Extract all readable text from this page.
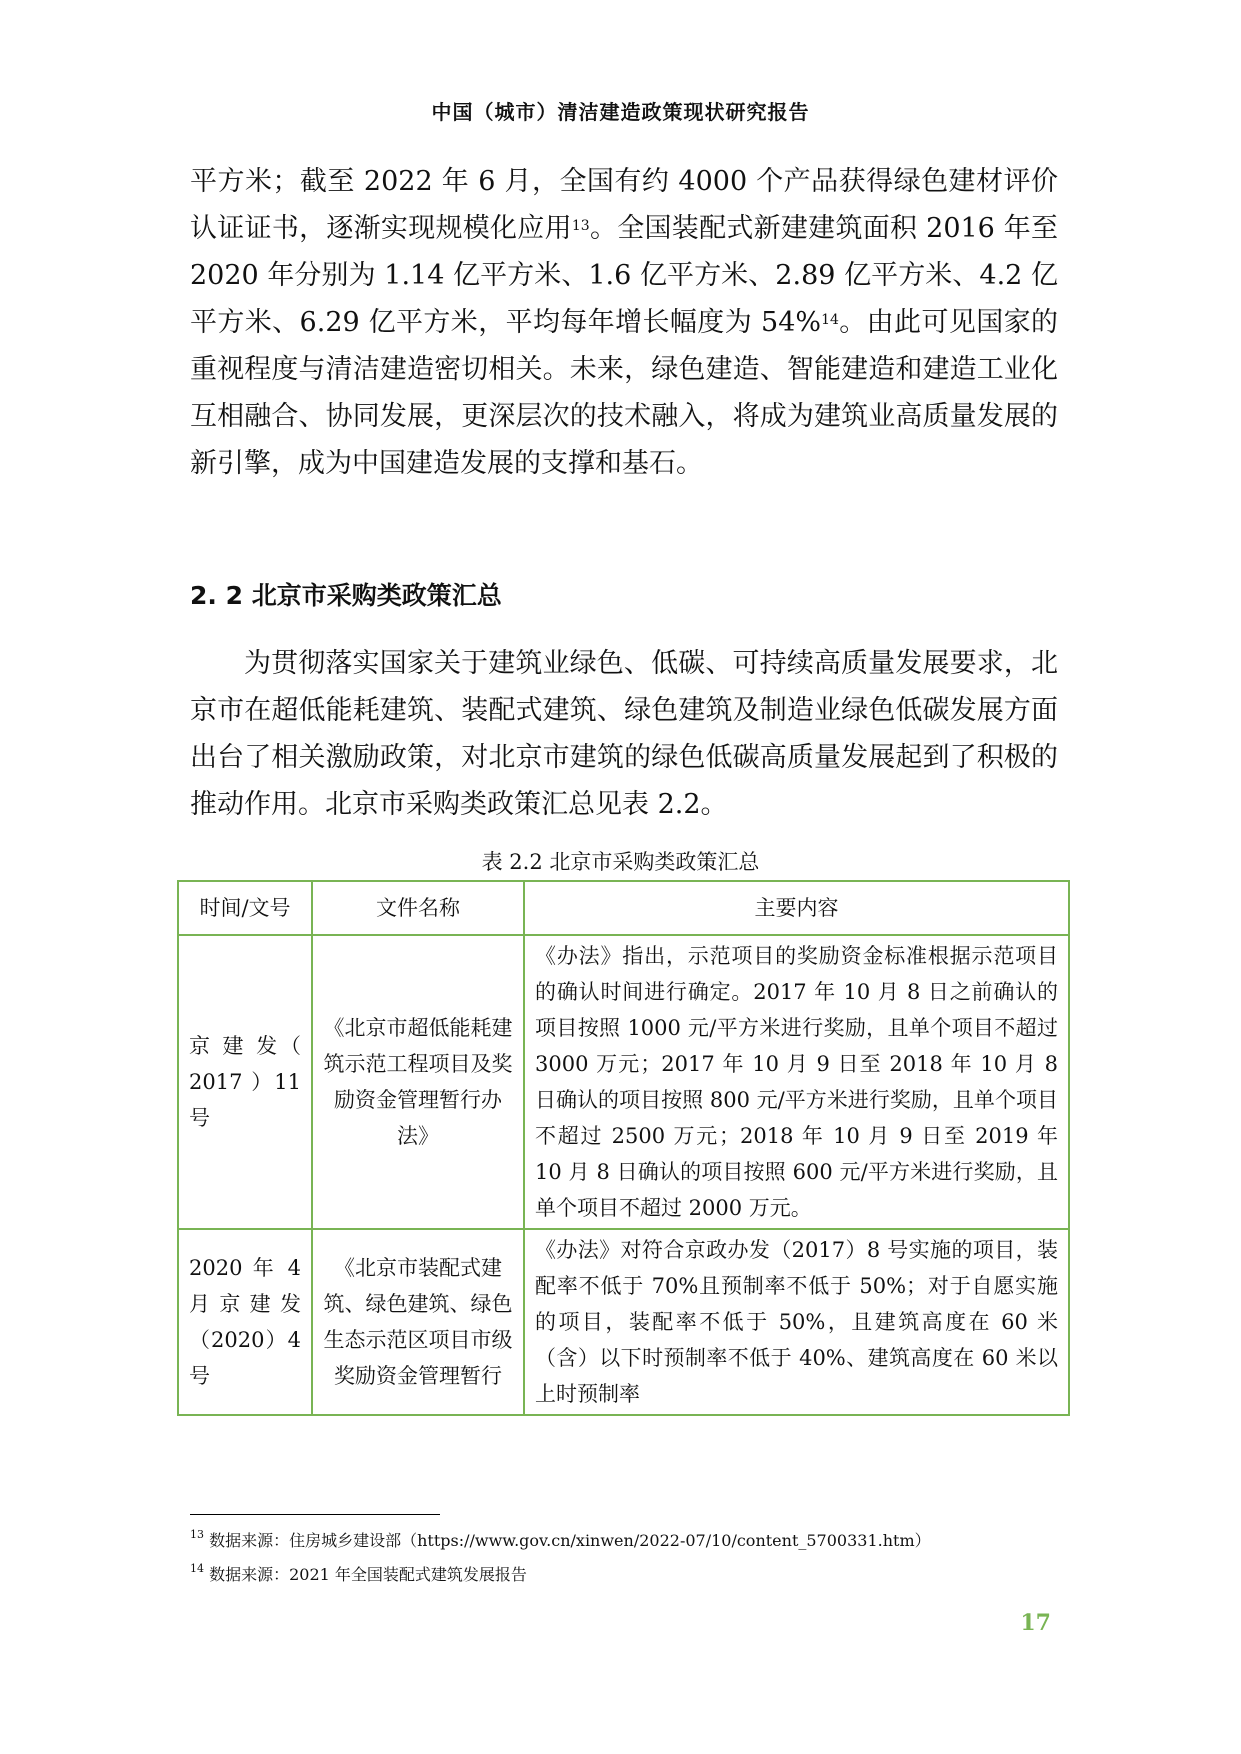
中国（城市）清洁建造政策现状研究报告

平方米；截至 2022 年 6 月，全国有约 4000 个产品获得绿色建材评价认证证书，逐渐实现规模化应用$^{13}$。全国装配式新建建筑面积 2016 年至 2020 年分别为 1.14 亿平方米、1.6 亿平方米、2.89 亿平方米、4.2 亿平方米、6.29 亿平方米，平均每年增长幅度为 54%$^{14}$。由此可见国家的重视程度与清洁建造密切相关。未来，绿色建造、智能建造和建造工业化互相融合、协同发展，更深层次的技术融入，将成为建筑业高质量发展的新引擎，成为中国建造发展的支撑和基石。

2. 2 北京市采购类政策汇总

为贯彻落实国家关于建筑业绿色、低碳、可持续高质量发展要求，北京市在超低能耗建筑、装配式建筑、绿色建筑及制造业绿色低碳发展方面出台了相关激励政策，对北京市建筑的绿色低碳高质量发展起到了积极的推动作用。北京市采购类政策汇总见表 2.2。

表 2.2 北京市采购类政策汇总
时间/文号	文件名称	主要内容
京 建 发（ 2017 ）11 号	《北京市超低能耗建筑示范工程项目及奖励资金管理暂行办法》	《办法》指出，示范项目的奖励资金标准根据示范项目的确认时间进行确定。2017 年 10 月 8 日之前确认的项目按照 1000 元/平方米进行奖励，且单个项目不超过 3000 万元；2017 年 10 月 9 日至 2018 年 10 月 8 日确认的项目按照 800 元/平方米进行奖励，且单个项目不超过 2500 万元；2018 年 10 月 9 日至 2019 年 10 月 8 日确认的项目按照 600 元/平方米进行奖励，且单个项目不超过 2000 万元。
2020 年 4 月京建发（2020）4 号	《北京市装配式建筑、绿色建筑、绿色生态示范区项目市级奖励资金管理暂行	《办法》对符合京政办发（2017）8 号实施的项目，装配率不低于 70%且预制率不低于 50%；对于自愿实施的项目，装配率不低于 50%，且建筑高度在 60 米（含）以下时预制率不低于 40%、建筑高度在 60 米以上时预制率
$^{13}$ 数据来源：住房城乡建设部（https://www.gov.cn/xinwen/2022-07/10/content_5700331.htm）
$^{14}$ 数据来源：2021 年全国装配式建筑发展报告
17
